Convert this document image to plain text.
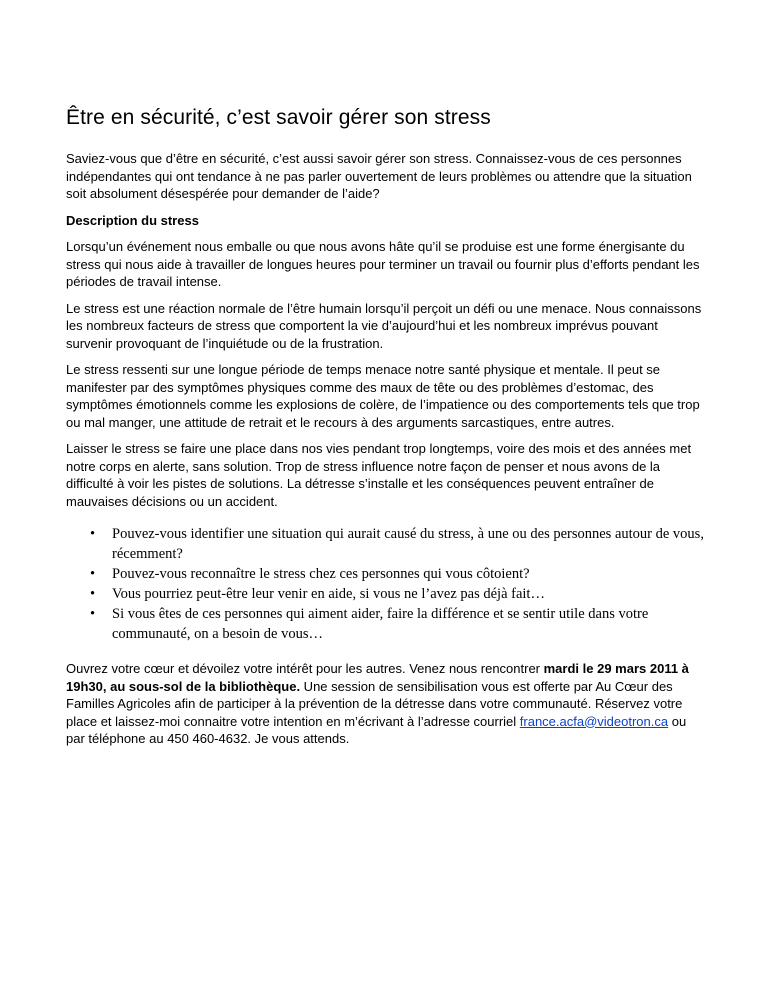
Être en sécurité, c’est savoir gérer son stress

Saviez-vous que d’être en sécurité, c’est aussi savoir gérer son stress. Connaissez-vous de ces personnes indépendantes qui ont tendance à ne pas parler ouvertement de leurs problèmes ou attendre que la situation soit absolument désespérée pour demander de l’aide?

Description du stress

Lorsqu’un événement nous emballe ou que nous avons hâte qu’il se produise est une forme énergisante du stress qui nous aide à travailler de longues heures pour terminer un travail ou fournir plus d’efforts pendant les périodes de travail intense.

Le stress est une réaction normale de l’être humain lorsqu’il perçoit un défi ou une menace. Nous connaissons les nombreux facteurs de stress que comportent la vie d’aujourd’hui et les nombreux imprévus pouvant survenir provoquant de l’inquiétude ou de la frustration.

Le stress ressenti sur une longue période de temps menace notre santé physique et mentale. Il peut se manifester par des symptômes physiques comme des maux de tête ou des problèmes d’estomac, des symptômes émotionnels comme les explosions de colère, de l’impatience ou des comportements tels que trop ou mal manger, une attitude de retrait et le recours à des arguments sarcastiques, entre autres.

Laisser le stress se faire une place dans nos vies pendant trop longtemps, voire des mois et des années met notre corps en alerte, sans solution. Trop de stress influence notre façon de penser et nous avons de la difficulté à voir les pistes de solutions. La détresse s’installe et les conséquences peuvent entraîner de mauvaises décisions ou un accident.

• Pouvez-vous identifier une situation qui aurait causé du stress, à une ou des personnes autour de vous, récemment?
• Pouvez-vous reconnaître le stress chez ces personnes qui vous côtoient?
• Vous pourriez peut-être leur venir en aide, si vous ne l’avez pas déjà fait…
• Si vous êtes de ces personnes qui aiment aider, faire la différence et se sentir utile dans votre communauté, on a besoin de vous…

Ouvrez votre cœur et dévoilez votre intérêt pour les autres. Venez nous rencontrer mardi le 29 mars 2011 à 19h30, au sous-sol de la bibliothèque. Une session de sensibilisation vous est offerte par Au Cœur des Familles Agricoles afin de participer à la prévention de la détresse dans votre communauté. Réservez votre place et laissez-moi connaitre votre intention en m’écrivant à l’adresse courriel france.acfa@videotron.ca ou par téléphone au 450 460-4632. Je vous attends.
